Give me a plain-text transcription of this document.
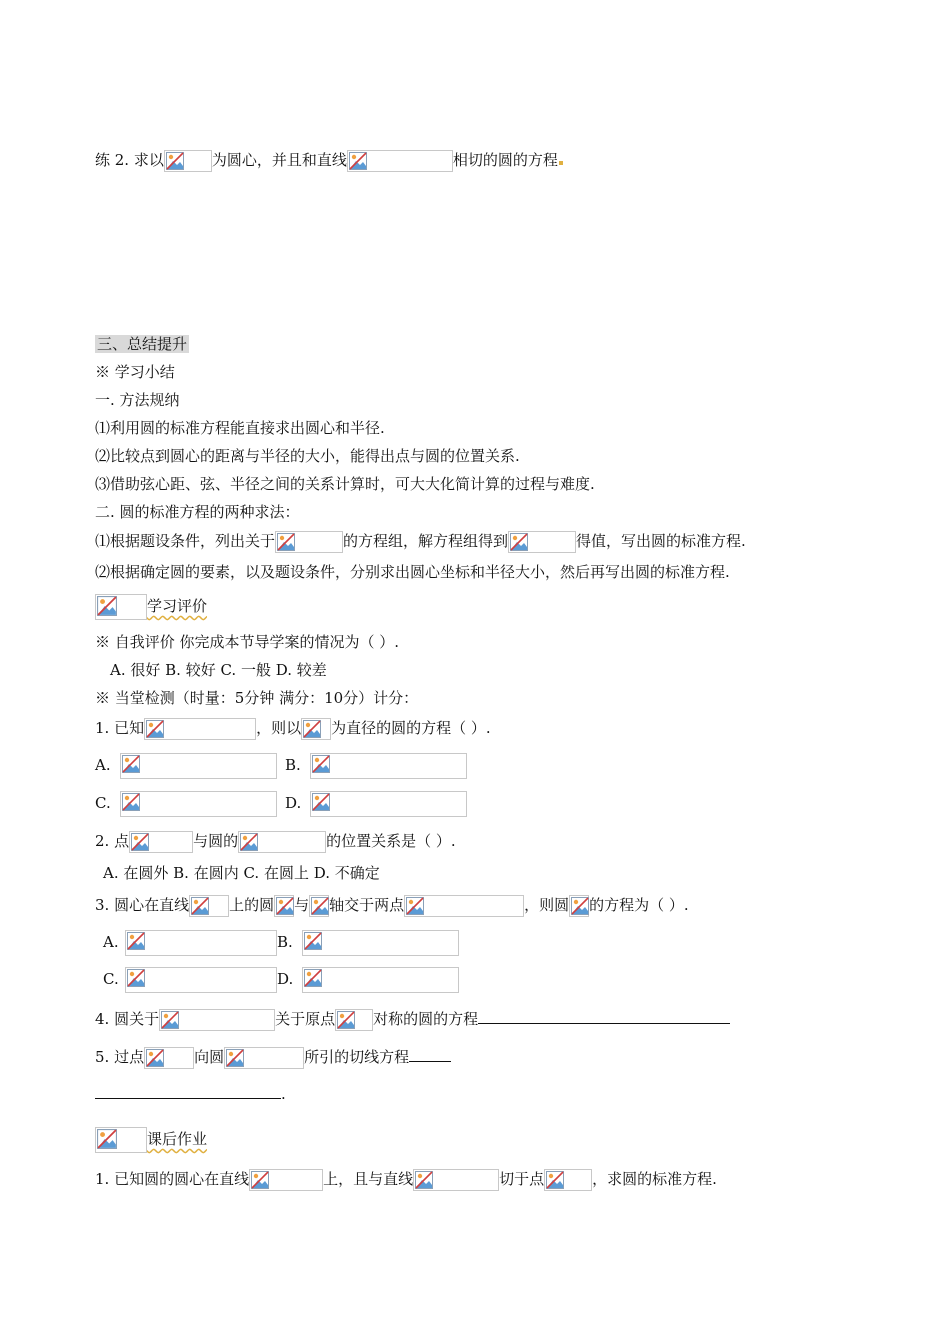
练 2. 求以	为圆心，并且和直线	相切的圆的方程
三、总结提升
※ 学习小结
一. 方法规纳
⑴利用圆的标准方程能直接求出圆心和半径.
⑵比较点到圆心的距离与半径的大小，能得出点与圆的位置关系.
⑶借助弦心距、弦、半径之间的关系计算时，可大大化简计算的过程与难度.
二. 圆的标准方程的两种求法：
⑴根据题设条件，列出关于	的方程组，解方程组得到	得值，写出圆的标准方程.
⑵根据确定圆的要素，以及题设条件，分别求出圆心坐标和半径大小，然后再写出圆的标准方程.
学习评价
※ 自我评价 你完成本节导学案的情况为（ ）.
A. 很好 B. 较好 C. 一般 D. 较差
※ 当堂检测（时量：5分钟 满分：10分）计分：
1. 已知	，则以 为直径的圆的方程（ ）.
A.	B.
C.	D.
2. 点	与圆的	的位置关系是（ ）.
A. 在圆外 B. 在圆内 C. 在圆上 D. 不确定
3. 圆心在直线	上的圆 与 轴交于两点	，则圆 的方程为（ ）.
A.	B.
C.	D.
4. 圆关于	关于原点	对称的圆的方程
5. 过点	向圆	所引的切线方程
.
课后作业
1. 已知圆的圆心在直线	上，且与直线	切于点	，求圆的标准方程.
